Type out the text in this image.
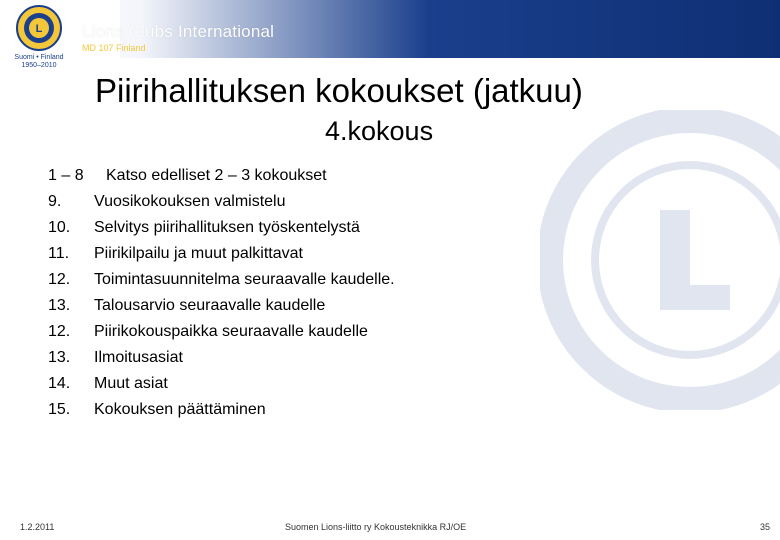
L
Suomi • Finland
1950–2010
Lions Clubs International
MD 107 Finland
Piirihallituksen kokoukset (jatkuu)
4.kokous
1 – 8 Katso edelliset 2 – 3 kokoukset
9. Vuosikokouksen valmistelu
10. Selvitys piirihallituksen työskentelystä
11. Piirikilpailu ja muut palkittavat
12. Toimintasuunnitelma seuraavalle kaudelle.
13. Talousarvio seuraavalle kaudelle
12. Piirikokouspaikka seuraavalle kaudelle
13. Ilmoitusasiat
14. Muut asiat
15. Kokouksen päättäminen
1.2.2011	Suomen Lions-liitto ry Kokousteknikka RJ/OE	35
